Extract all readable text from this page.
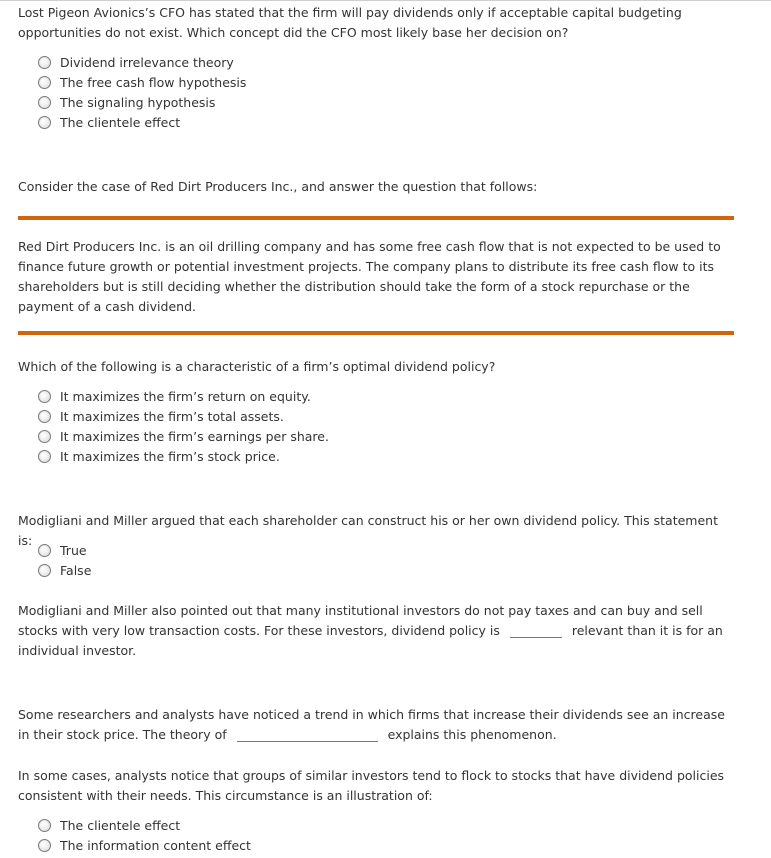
Lost Pigeon Avionics’s CFO has stated that the firm will pay dividends only if acceptable capital budgeting opportunities do not exist. Which concept did the CFO most likely base her decision on?
Dividend irrelevance theory
The free cash flow hypothesis
The signaling hypothesis
The clientele effect
Consider the case of Red Dirt Producers Inc., and answer the question that follows:
Red Dirt Producers Inc. is an oil drilling company and has some free cash flow that is not expected to be used to finance future growth or potential investment projects. The company plans to distribute its free cash flow to its shareholders but is still deciding whether the distribution should take the form of a stock repurchase or the payment of a cash dividend.
Which of the following is a characteristic of a firm’s optimal dividend policy?
It maximizes the firm’s return on equity.
It maximizes the firm’s total assets.
It maximizes the firm’s earnings per share.
It maximizes the firm’s stock price.
Modigliani and Miller argued that each shareholder can construct his or her own dividend policy. This statement is:
True
False
Modigliani and Miller also pointed out that many institutional investors do not pay taxes and can buy and sell stocks with very low transaction costs. For these investors, dividend policy is	relevant than it is for an individual investor.
Some researchers and analysts have noticed a trend in which firms that increase their dividends see an increase in their stock price. The theory of	explains this phenomenon.
In some cases, analysts notice that groups of similar investors tend to flock to stocks that have dividend policies consistent with their needs. This circumstance is an illustration of:
The clientele effect
The information content effect
